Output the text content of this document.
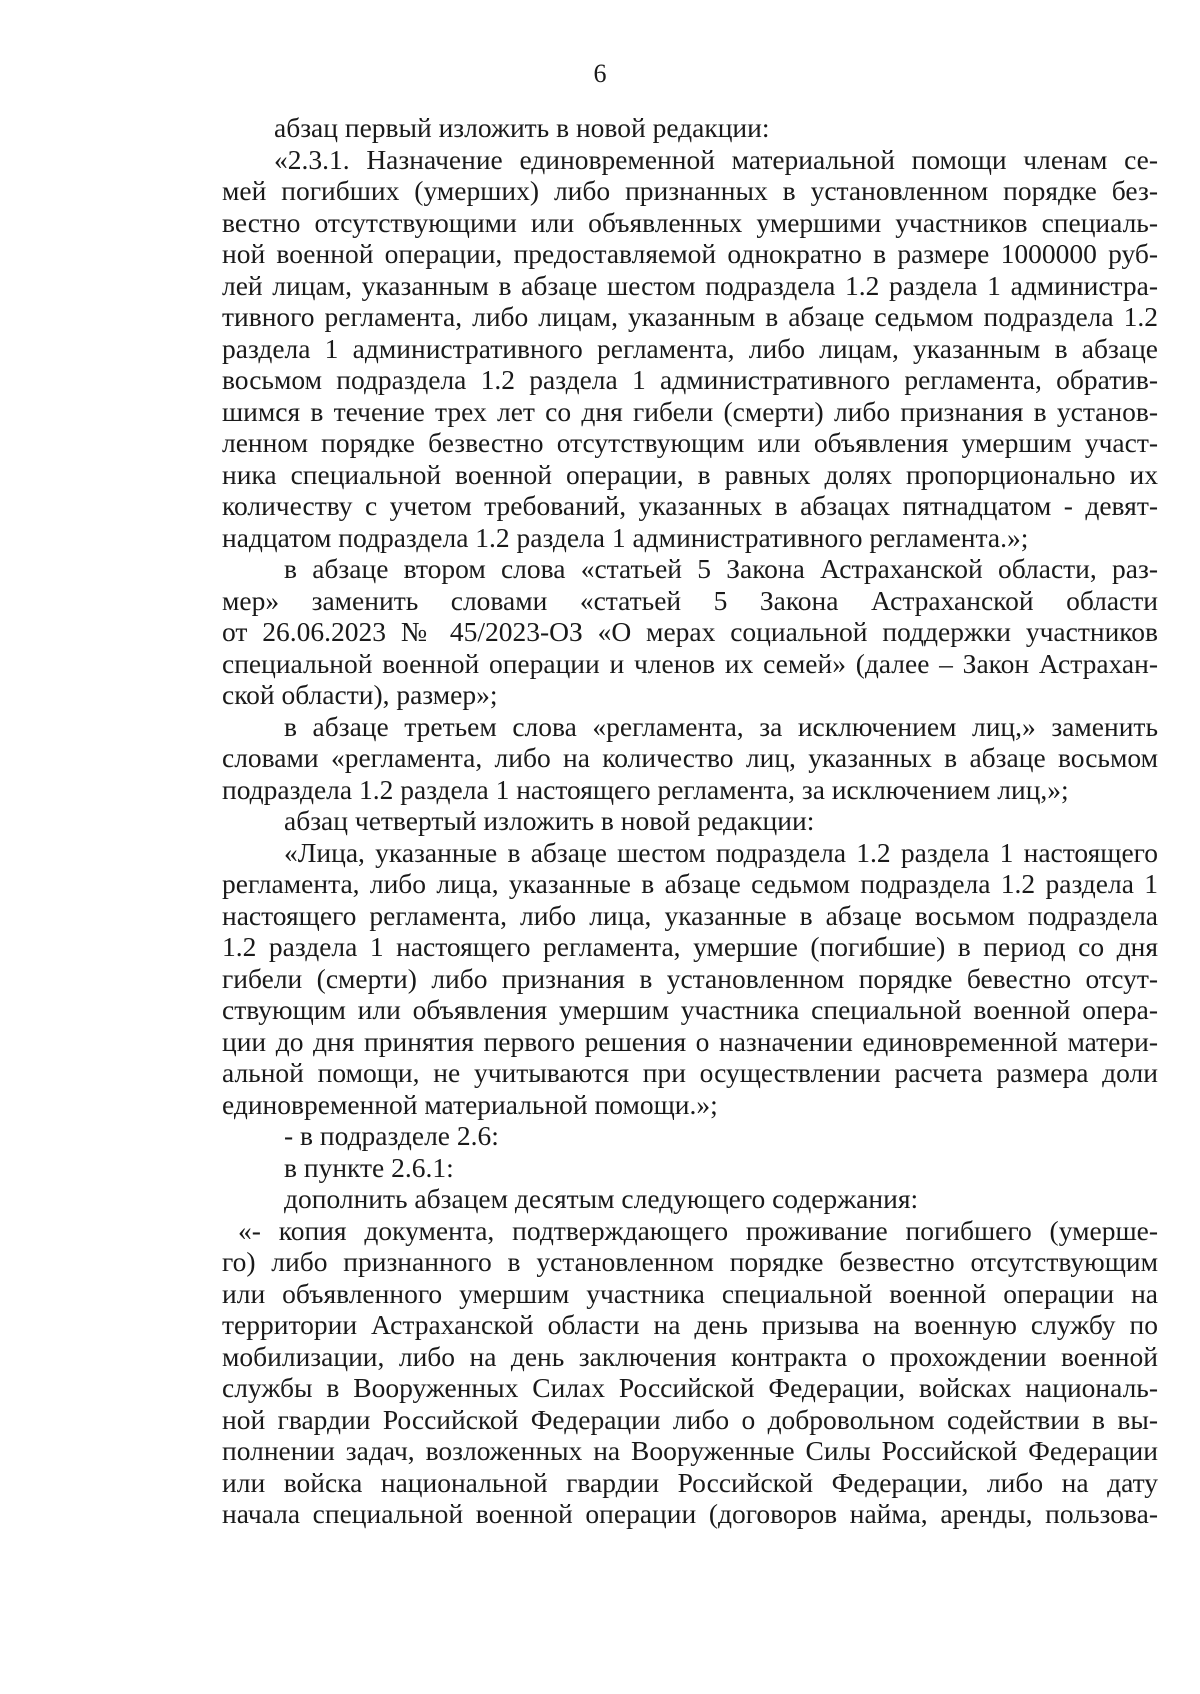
6
абзац первый изложить в новой редакции:
«2.3.1. Назначение единовременной материальной помощи членам се-
мей погибших (умерших) либо признанных в установленном порядке без-
вестно отсутствующими или объявленных умершими участников специаль-
ной военной операции, предоставляемой однократно в размере 1000000 руб-
лей лицам, указанным в абзаце шестом подраздела 1.2 раздела 1 администра-
тивного регламента, либо лицам, указанным в абзаце седьмом подраздела 1.2
раздела 1 административного регламента, либо лицам, указанным в абзаце
восьмом подраздела 1.2 раздела 1 административного регламента, обратив-
шимся в течение трех лет со дня гибели (смерти) либо признания в установ-
ленном порядке безвестно отсутствующим или объявления умершим участ-
ника специальной военной операции, в равных долях пропорционально их
количеству с учетом требований, указанных в абзацах пятнадцатом - девят-
надцатом подраздела 1.2 раздела 1 административного регламента.»;
в абзаце втором слова «статьей 5 Закона Астраханской области, раз-
мер» заменить словами «статьей 5 Закона Астраханской области
от 26.06.2023 № 45/2023-ОЗ «О мерах социальной поддержки участников
специальной военной операции и членов их семей» (далее – Закон Астрахан-
ской области), размер»;
в абзаце третьем слова «регламента, за исключением лиц,» заменить
словами «регламента, либо на количество лиц, указанных в абзаце восьмом
подраздела 1.2 раздела 1 настоящего регламента, за исключением лиц,»;
абзац четвертый изложить в новой редакции:
«Лица, указанные в абзаце шестом подраздела 1.2 раздела 1 настоящего
регламента, либо лица, указанные в абзаце седьмом подраздела 1.2 раздела 1
настоящего регламента, либо лица, указанные в абзаце восьмом подраздела
1.2 раздела 1 настоящего регламента, умершие (погибшие) в период со дня
гибели (смерти) либо признания в установленном порядке бевестно отсут-
ствующим или объявления умершим участника специальной военной опера-
ции до дня принятия первого решения о назначении единовременной матери-
альной помощи, не учитываются при осуществлении расчета размера доли
единовременной материальной помощи.»;
- в подразделе 2.6:
в пункте 2.6.1:
дополнить абзацем десятым следующего содержания:
«- копия документа, подтверждающего проживание погибшего (умерше-
го) либо признанного в установленном порядке безвестно отсутствующим
или объявленного умершим участника специальной военной операции на
территории Астраханской области на день призыва на военную службу по
мобилизации, либо на день заключения контракта о прохождении военной
службы в Вооруженных Силах Российской Федерации, войсках националь-
ной гвардии Российской Федерации либо о добровольном содействии в вы-
полнении задач, возложенных на Вооруженные Силы Российской Федерации
или войска национальной гвардии Российской Федерации, либо на дату
начала специальной военной операции (договоров найма, аренды, пользова-
